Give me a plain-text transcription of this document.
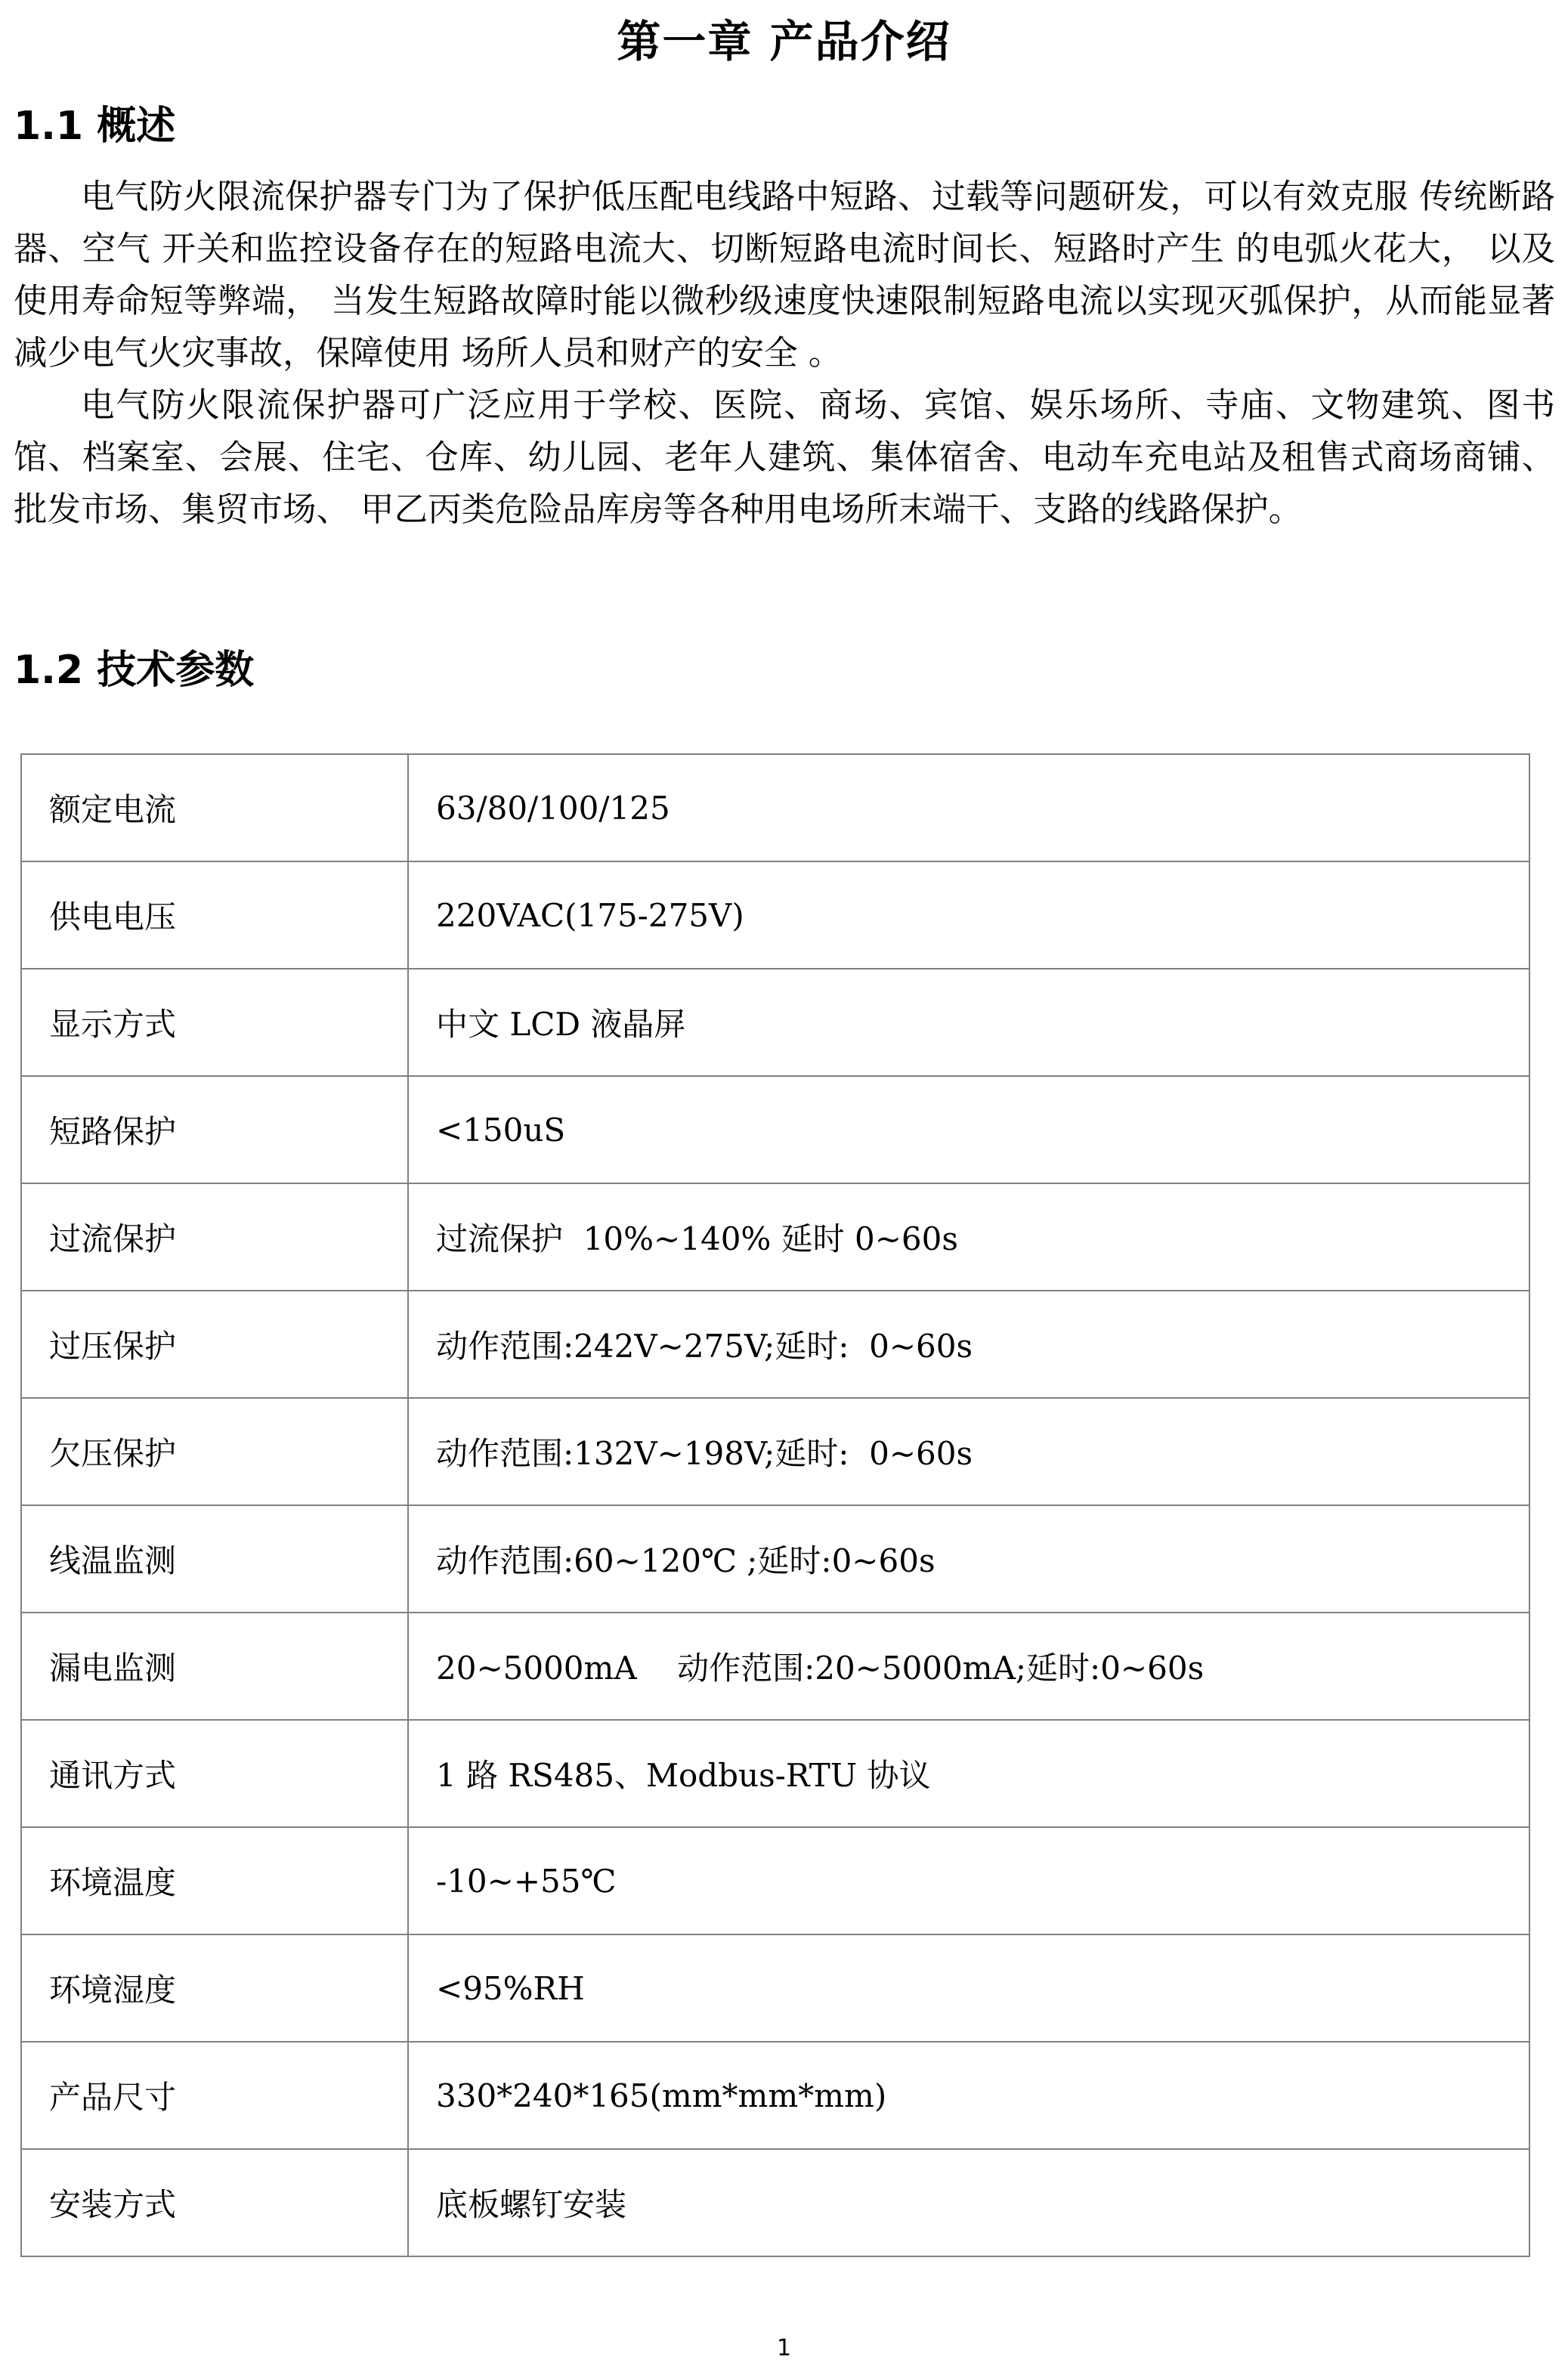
第一章 产品介绍
1.1 概述

电气防火限流保护器专门为了保护低压配电线路中短路、过载等问题研发，可以有效克服 传统断路器、空气 开关和监控设备存在的短路电流大、切断短路电流时间长、短路时产生 的电弧火花大， 以及使用寿命短等弊端， 当发生短路故障时能以微秒级速度快速限制短路电流以实现灭弧保护，从而能显著减少电气火灾事故，保障使用 场所人员和财产的安全 。

电气防火限流保护器可广泛应用于学校、医院、商场、宾馆、娱乐场所、寺庙、文物建筑、图书馆、档案室、会展、住宅、仓库、幼儿园、老年人建筑、集体宿舍、电动车充电站及租售式商场商铺、批发市场、集贸市场、 甲乙丙类危险品库房等各种用电场所末端干、支路的线路保护。

1.2 技术参数
额定电流	63/80/100/125
供电电压	220VAC(175-275V)
显示方式	中文 LCD 液晶屏
短路保护	<150uS
过流保护	过流保护  10%~140% 延时 0~60s
过压保护	动作范围:242V~275V;延时:  0~60s
欠压保护	动作范围:132V~198V;延时:  0~60s
线温监测	动作范围:60~120℃ ;延时:0~60s
漏电监测	20~5000mA    动作范围:20~5000mA;延时:0~60s
通讯方式	1 路 RS485、Modbus-RTU 协议
环境温度	-10~+55℃
环境湿度	<95%RH
产品尺寸	330*240*165(mm*mm*mm)
安装方式	底板螺钉安装
1
